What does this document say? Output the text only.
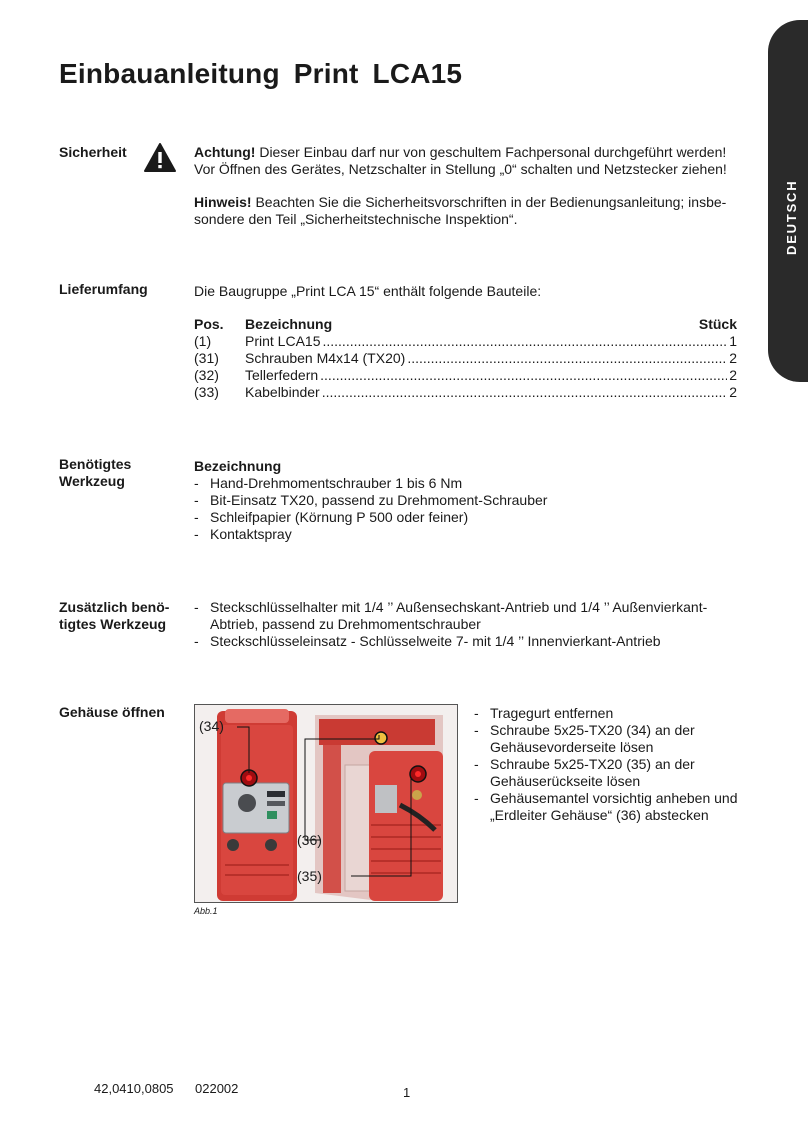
Einbauanleitung Print LCA15
DEUTSCH
Sicherheit	Achtung! Dieser Einbau darf nur von geschultem Fachpersonal durchgeführt werden!

Vor Öffnen des Gerätes, Netzschalter in Stellung „0“ schalten und Netzstecker ziehen!

Hinweis! Beachten Sie die Sicherheitsvorschriften in der Bedienungsanleitung; insbe-

sondere den Teil „Sicherheitstechnische Inspektion“.

Lieferumfang	Die Baugruppe „Print LCA 15“ enthält folgende Bauteile:
Pos.	Bezeichnung	Stück
(1)	Print LCA15 .....	1
(31)	Schrauben M4x14 (TX20) .....	2
(32)	Tellerfedern .....	2
(33)	Kabelbinder .....	2
Benötigtes
Werkzeug

Bezeichnung

- Hand-Drehmomentschrauber 1 bis 6 Nm
- Bit-Einsatz TX20, passend zu Drehmoment-Schrauber
- Schleifpapier (Körnung P 500 oder feiner)
- Kontaktspray
Zusätzlich benö-
tigtes Werkzeug
- Steckschlüsselhalter mit 1/4 ’’ Außensechskant-Antrieb und 1/4 ’’ Außenvierkant-
Abtrieb, passend zu Drehmomentschrauber
- Steckschlüsseleinsatz - Schlüsselweite 7- mit 1/4 ’’ Innenvierkant-Antrieb
Gehäuse öffnen
(34)
(36)
(35)
Abb.1
- Tragegurt entfernen
- Schraube 5x25-TX20 (34) an der
Gehäusevorderseite lösen
- Schraube 5x25-TX20 (35) an der
Gehäuserückseite lösen
- Gehäusemantel vorsichtig anheben und
„Erdleiter Gehäuse“ (36) abstecken
42,0410,0805 022002	1
